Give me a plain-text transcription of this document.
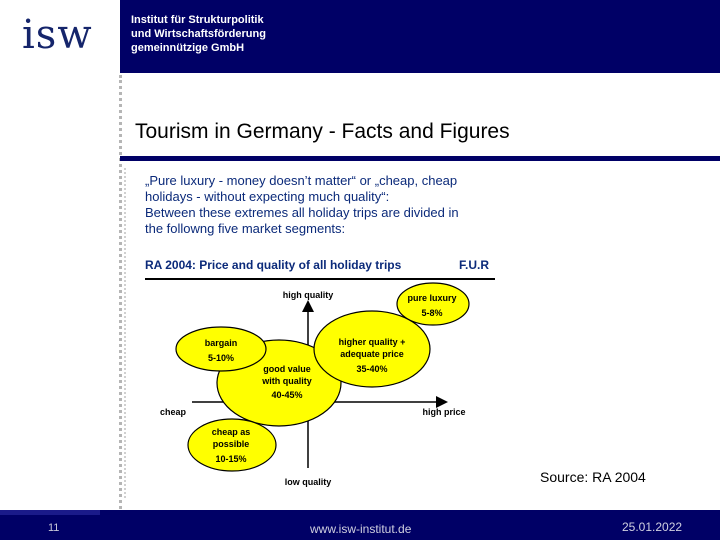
isw	Institut für Strukturpolitik
und Wirtschaftsförderung
gemeinnützige GmbH
Tourism in Germany - Facts and Figures
„Pure luxury - money doesn’t matter“ or „cheap, cheap
holidays - without expecting much quality“:
Between these extremes all holiday trips are divided in
the followng five market segments:
RA 2004: Price and quality of all holiday trips	F.U.R
high quality
low quality
cheap	high price
pure luxury
5-8%
bargain
5-10%
higher quality +
adequate price
35-40%
good value
with quality
40-45%
cheap as
possible
10-15%
Source: RA 2004
11	www.isw-institut.de	25.01.2022
